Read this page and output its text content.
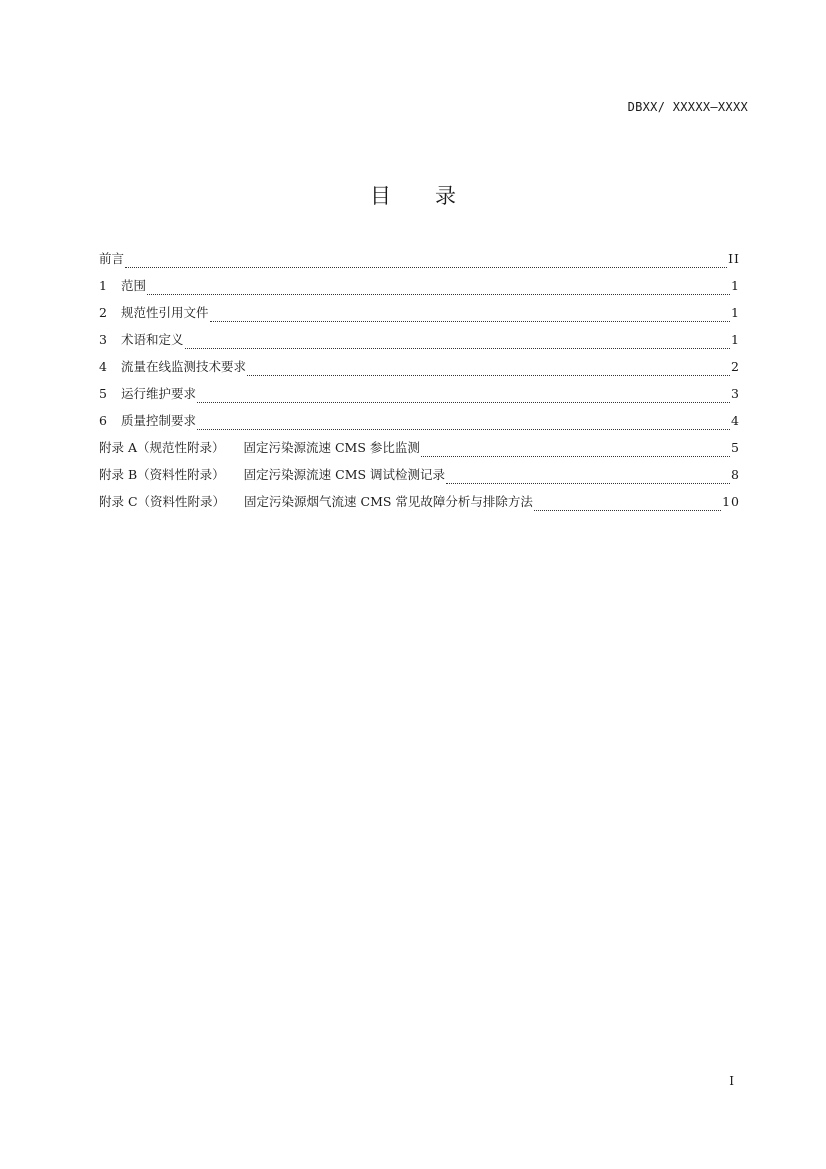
DBXX/ XXXXX—XXXX
目录
前言	II
1	范围	1
2	规范性引用文件	1
3	术语和定义	1
4	流量在线监测技术要求	2
5	运行维护要求	3
6	质量控制要求	4
附录 A（规范性附录） 固定污染源流速 CMS 参比监测	5
附录 B（资料性附录） 固定污染源流速 CMS 调试检测记录	8
附录 C（资料性附录） 固定污染源烟气流速 CMS 常见故障分析与排除方法	10
I
